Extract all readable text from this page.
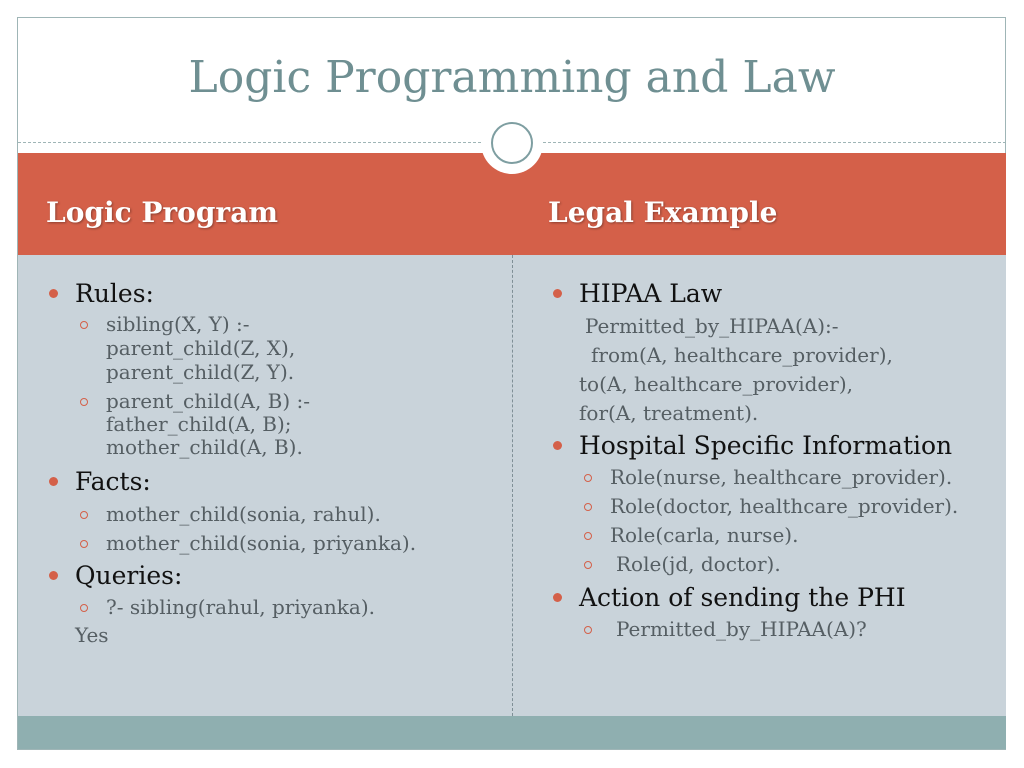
Logic Programming and Law
Logic Program	Legal Example
Rules:
sibling(X, Y) :-
parent_child(Z, X),
parent_child(Z, Y).
parent_child(A, B) :-
father_child(A, B);
mother_child(A, B).
Facts:
mother_child(sonia, rahul).
mother_child(sonia, priyanka).
Queries:
?- sibling(rahul, priyanka).
Yes
HIPAA Law
Permitted_by_HIPAA(A):-
from(A, healthcare_provider),
to(A, healthcare_provider),
for(A, treatment).
Hospital Specific Information
Role(nurse, healthcare_provider).
Role(doctor, healthcare_provider).
Role(carla, nurse).
Role(jd, doctor).
Action of sending the PHI
Permitted_by_HIPAA(A)?
